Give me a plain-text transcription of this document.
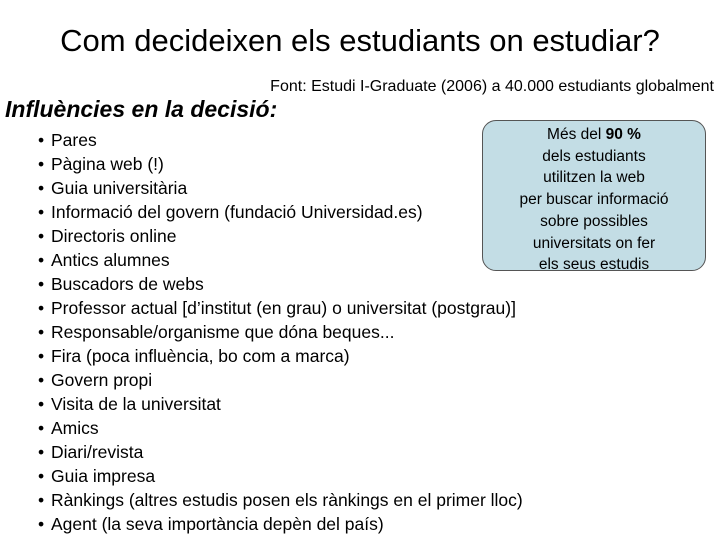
Com decideixen els estudiants on estudiar?
Font: Estudi I-Graduate (2006) a 40.000 estudiants globalment
Influències en la decisió:
• Pares
• Pàgina web (!)
• Guia universitària
• Informació del govern (fundació Universidad.es)
• Directoris online
• Antics alumnes
• Buscadors de webs
• Professor actual [d’institut (en grau) o universitat (postgrau)]
• Responsable/organisme que dóna beques...
• Fira (poca influència, bo com a marca)
• Govern propi
• Visita de la universitat
• Amics
• Diari/revista
• Guia impresa
• Rànkings (altres estudis posen els rànkings en el primer lloc)
• Agent (la seva importància depèn del país)
Més del 90 %
dels estudiants
utilitzen la web
per buscar informació
sobre possibles
universitats on fer
els seus estudis
